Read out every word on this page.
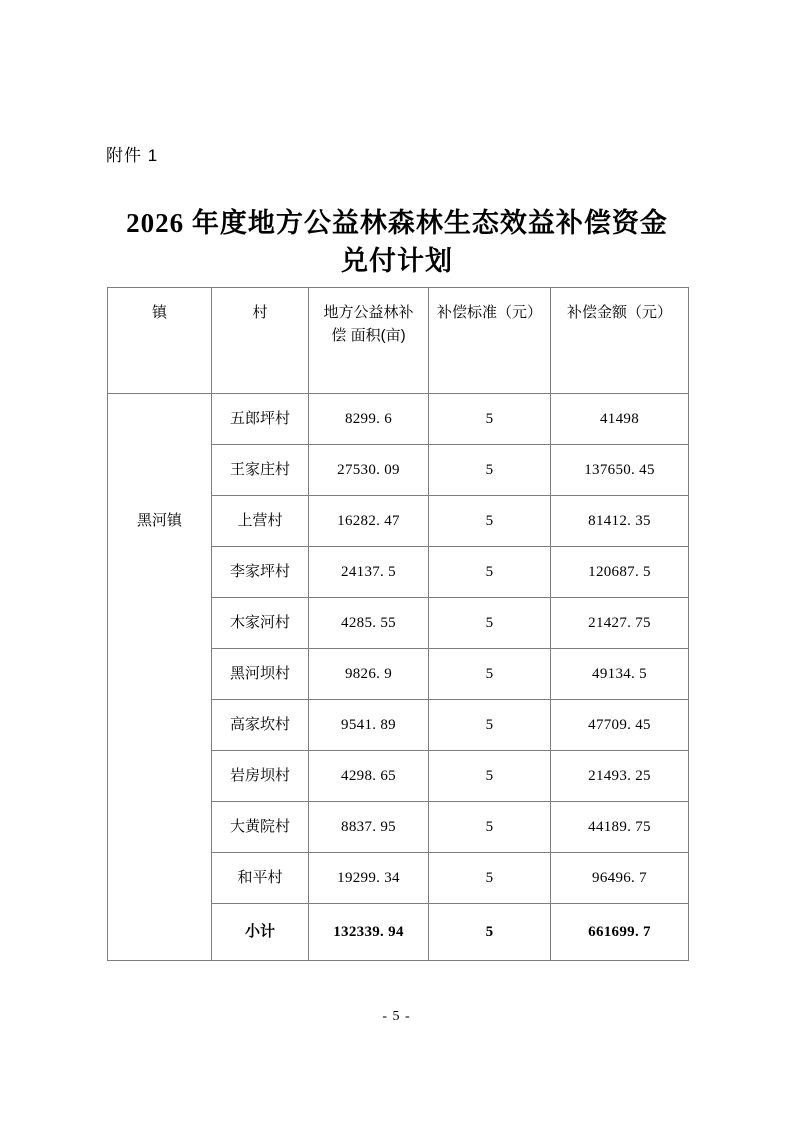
附件 1
2026 年度地方公益林森林生态效益补偿资金
兑付计划
镇	村	地方公益林补偿 面积(亩)	补偿标准（元）	补偿金额（元）
黑河镇	五郎坪村	8299. 6	5	41498
	王家庄村	27530. 09	5	137650. 45
	上营村	16282. 47	5	81412. 35
	李家坪村	24137. 5	5	120687. 5
	木家河村	4285. 55	5	21427. 75
	黑河坝村	9826. 9	5	49134. 5
	高家坎村	9541. 89	5	47709. 45
	岩房坝村	4298. 65	5	21493. 25
	大黄院村	8837. 95	5	44189. 75
	和平村	19299. 34	5	96496. 7
	小计	132339. 94	5	661699. 7
- 5 -
